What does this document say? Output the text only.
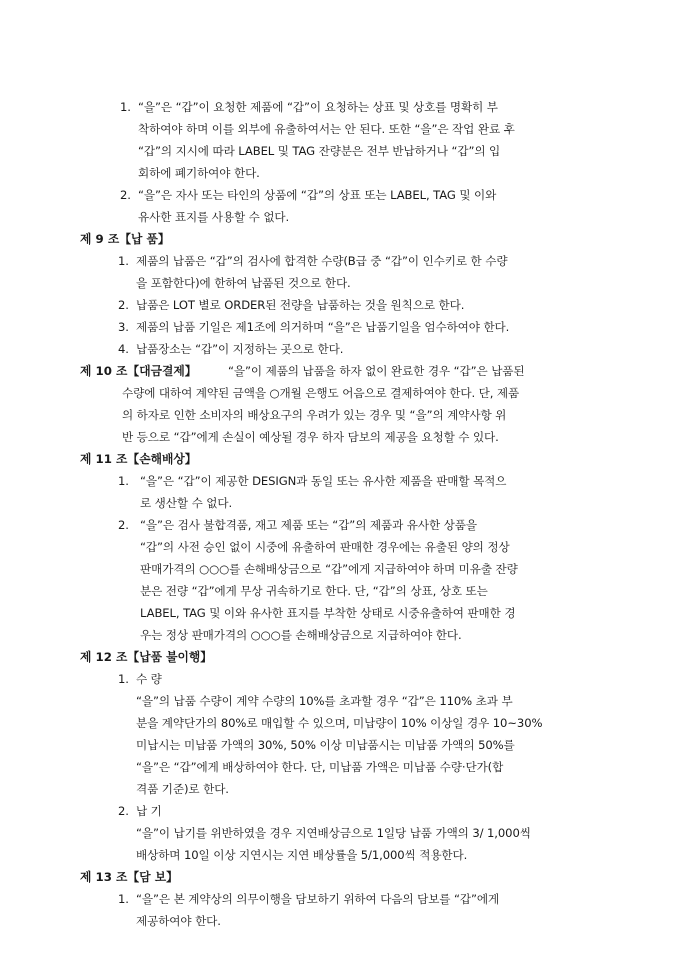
1. “을”은 “갑”이 요청한 제품에 “갑”이 요청하는 상표 및 상호를 명확히 부
착하여야 하며 이를 외부에 유출하여서는 안 된다. 또한 “을”은 작업 완료 후
“갑”의 지시에 따라 LABEL 및 TAG 잔량분은 전부 반납하거나 “갑”의 입
회하에 폐기하여야 한다.
2. “을”은 자사 또는 타인의 상품에 “갑”의 상표 또는 LABEL, TAG 및 이와
유사한 표지를 사용할 수 없다.
제 9 조【납 품】
1. 제품의 납품은 “갑”의 검사에 합격한 수량(B급 중 “갑”이 인수키로 한 수량
을 포함한다)에 한하여 납품된 것으로 한다.
2. 납품은 LOT 별로 ORDER된 전량을 납품하는 것을 원칙으로 한다.
3. 제품의 납품 기일은 제1조에 의거하며 “을”은 납품기일을 엄수하여야 한다.
4. 납품장소는 “갑”이 지정하는 곳으로 한다.
제 10 조【대금결제】	“을”이 제품의 납품을 하자 없이 완료한 경우 “갑”은 납품된
수량에 대하여 계약된 금액을 ○개월 은행도 어음으로 결제하여야 한다. 단, 제품
의 하자로 인한 소비자의 배상요구의 우려가 있는 경우 및 “을”의 계약사항 위
반 등으로 “갑”에게 손실이 예상될 경우 하자 담보의 제공을 요청할 수 있다.
제 11 조【손해배상】
1. “을”은 “갑”이 제공한 DESIGN과 동일 또는 유사한 제품을 판매할 목적으
로 생산할 수 없다.
2. “을”은 검사 불합격품, 재고 제품 또는 “갑”의 제품과 유사한 상품을
“갑”의 사전 승인 없이 시중에 유출하여 판매한 경우에는 유출된 양의 정상
판매가격의 ○○○를 손해배상금으로 “갑”에게 지급하여야 하며 미유출 잔량
분은 전량 “갑”에게 무상 귀속하기로 한다. 단, “갑”의 상표, 상호 또는
LABEL, TAG 및 이와 유사한 표지를 부착한 상태로 시중유출하여 판매한 경
우는 정상 판매가격의 ○○○를 손해배상금으로 지급하여야 한다.
제 12 조【납품 불이행】
1. 수 량
“을”의 납품 수량이 계약 수량의 10%를 초과할 경우 “갑”은 110% 초과 부
분을 계약단가의 80%로 매입할 수 있으며, 미납량이 10% 이상일 경우 10~30%
미납시는 미납품 가액의 30%, 50% 이상 미납품시는 미납품 가액의 50%를
“을”은 “갑”에게 배상하여야 한다. 단, 미납품 가액은 미납품 수량·단가(합
격품 기준)로 한다.
2. 납 기
“을”이 납기를 위반하였을 경우 지연배상금으로 1일당 납품 가액의 3/ 1,000씩
배상하며 10일 이상 지연시는 지연 배상률을 5/1,000씩 적용한다.
제 13 조【담 보】
1. “을”은 본 계약상의 의무이행을 담보하기 위하여 다음의 담보를 “갑”에게
제공하여야 한다.
